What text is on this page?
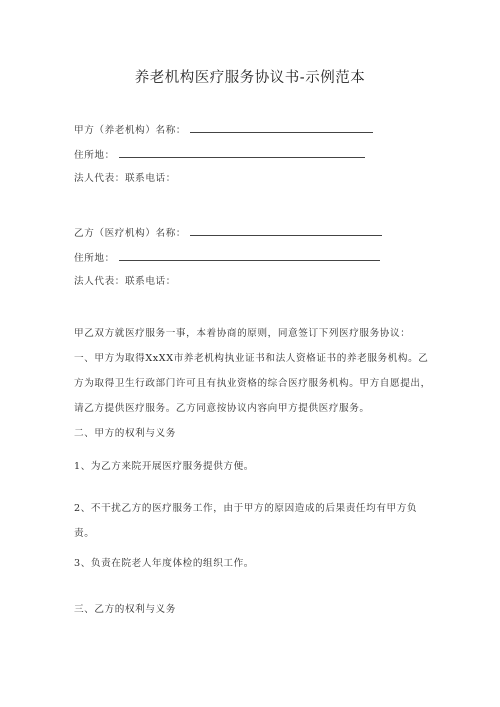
养老机构医疗服务协议书-示例范本
甲方（养老机构）名称：
住所地：
法人代表：联系电话：
乙方（医疗机构）名称：
住所地：
法人代表：联系电话：
甲乙双方就医疗服务一事，本着协商的原则，同意签订下列医疗服务协议：
一、甲方为取得XxXX市养老机构执业证书和法人资格证书的养老服务机构。乙
方为取得卫生行政部门许可且有执业资格的综合医疗服务机构。甲方自愿提出，
请乙方提供医疗服务。乙方同意按协议内容向甲方提供医疗服务。
二、甲方的权利与义务
1、为乙方来院开展医疗服务提供方便。
2、不干扰乙方的医疗服务工作，由于甲方的原因造成的后果责任均有甲方负
责。
3、负责在院老人年度体检的组织工作。
三、乙方的权利与义务
